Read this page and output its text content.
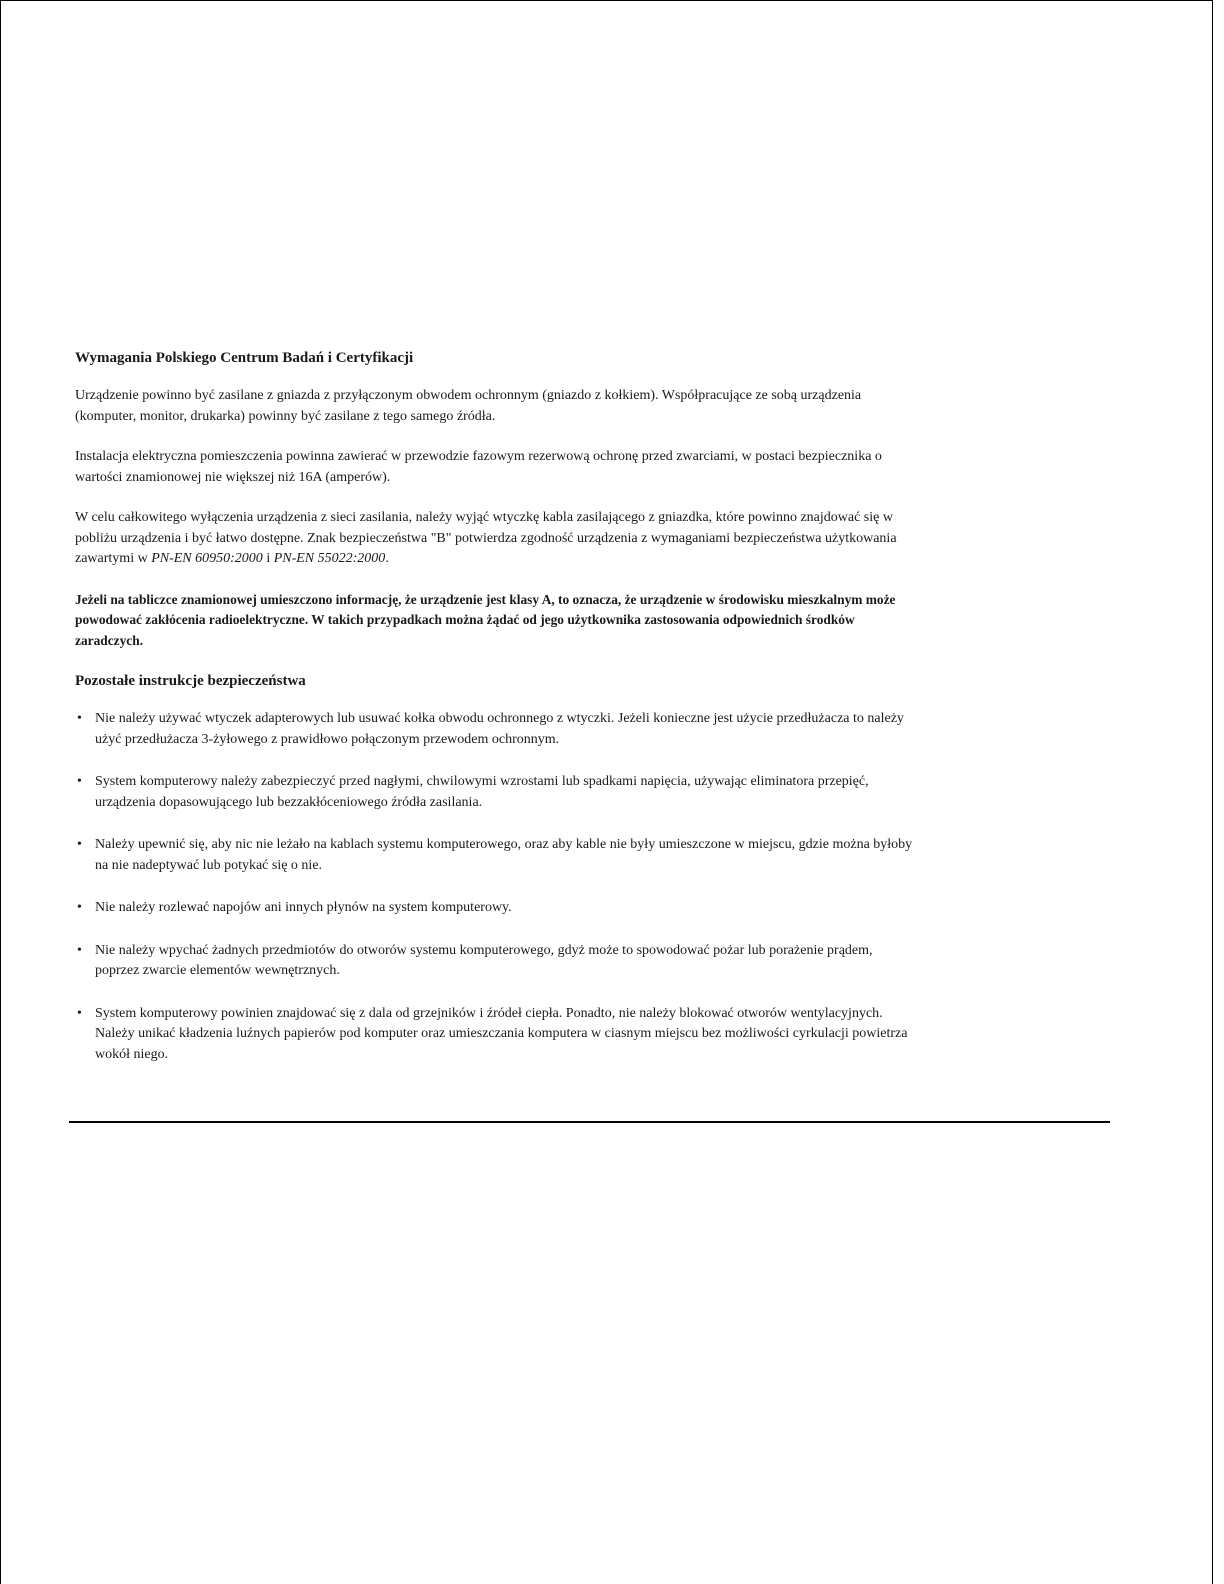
Wymagania Polskiego Centrum Badań i Certyfikacji

Urządzenie powinno być zasilane z gniazda z przyłączonym obwodem ochronnym (gniazdo z kołkiem). Współpracujące ze sobą urządzenia (komputer, monitor, drukarka) powinny być zasilane z tego samego źródła.

Instalacja elektryczna pomieszczenia powinna zawierać w przewodzie fazowym rezerwową ochronę przed zwarciami, w postaci bezpiecznika o wartości znamionowej nie większej niż 16A (amperów).

W celu całkowitego wyłączenia urządzenia z sieci zasilania, należy wyjąć wtyczkę kabla zasilającego z gniazdka, które powinno znajdować się w pobliżu urządzenia i być łatwo dostępne. Znak bezpieczeństwa "B" potwierdza zgodność urządzenia z wymaganiami bezpieczeństwa użytkowania zawartymi w PN-EN 60950:2000 i PN-EN 55022:2000.

Jeżeli na tabliczce znamionowej umieszczono informację, że urządzenie jest klasy A, to oznacza, że urządzenie w środowisku mieszkalnym może powodować zakłócenia radioelektryczne. W takich przypadkach można żądać od jego użytkownika zastosowania odpowiednich środków zaradczych.

Pozostałe instrukcje bezpieczeństwa
• Nie należy używać wtyczek adapterowych lub usuwać kołka obwodu ochronnego z wtyczki. Jeżeli konieczne jest użycie przedłużacza to należy użyć przedłużacza 3-żyłowego z prawidłowo połączonym przewodem ochronnym.
• System komputerowy należy zabezpieczyć przed nagłymi, chwilowymi wzrostami lub spadkami napięcia, używając eliminatora przepięć, urządzenia dopasowującego lub bezzakłóceniowego źródła zasilania.
• Należy upewnić się, aby nic nie leżało na kablach systemu komputerowego, oraz aby kable nie były umieszczone w miejscu, gdzie można byłoby na nie nadeptywać lub potykać się o nie.
• Nie należy rozlewać napojów ani innych płynów na system komputerowy.
• Nie należy wpychać żadnych przedmiotów do otworów systemu komputerowego, gdyż może to spowodować pożar lub porażenie prądem, poprzez zwarcie elementów wewnętrznych.
• System komputerowy powinien znajdować się z dala od grzejników i źródeł ciepła. Ponadto, nie należy blokować otworów wentylacyjnych. Należy unikać kładzenia luźnych papierów pod komputer oraz umieszczania komputera w ciasnym miejscu bez możliwości cyrkulacji powietrza wokół niego.
